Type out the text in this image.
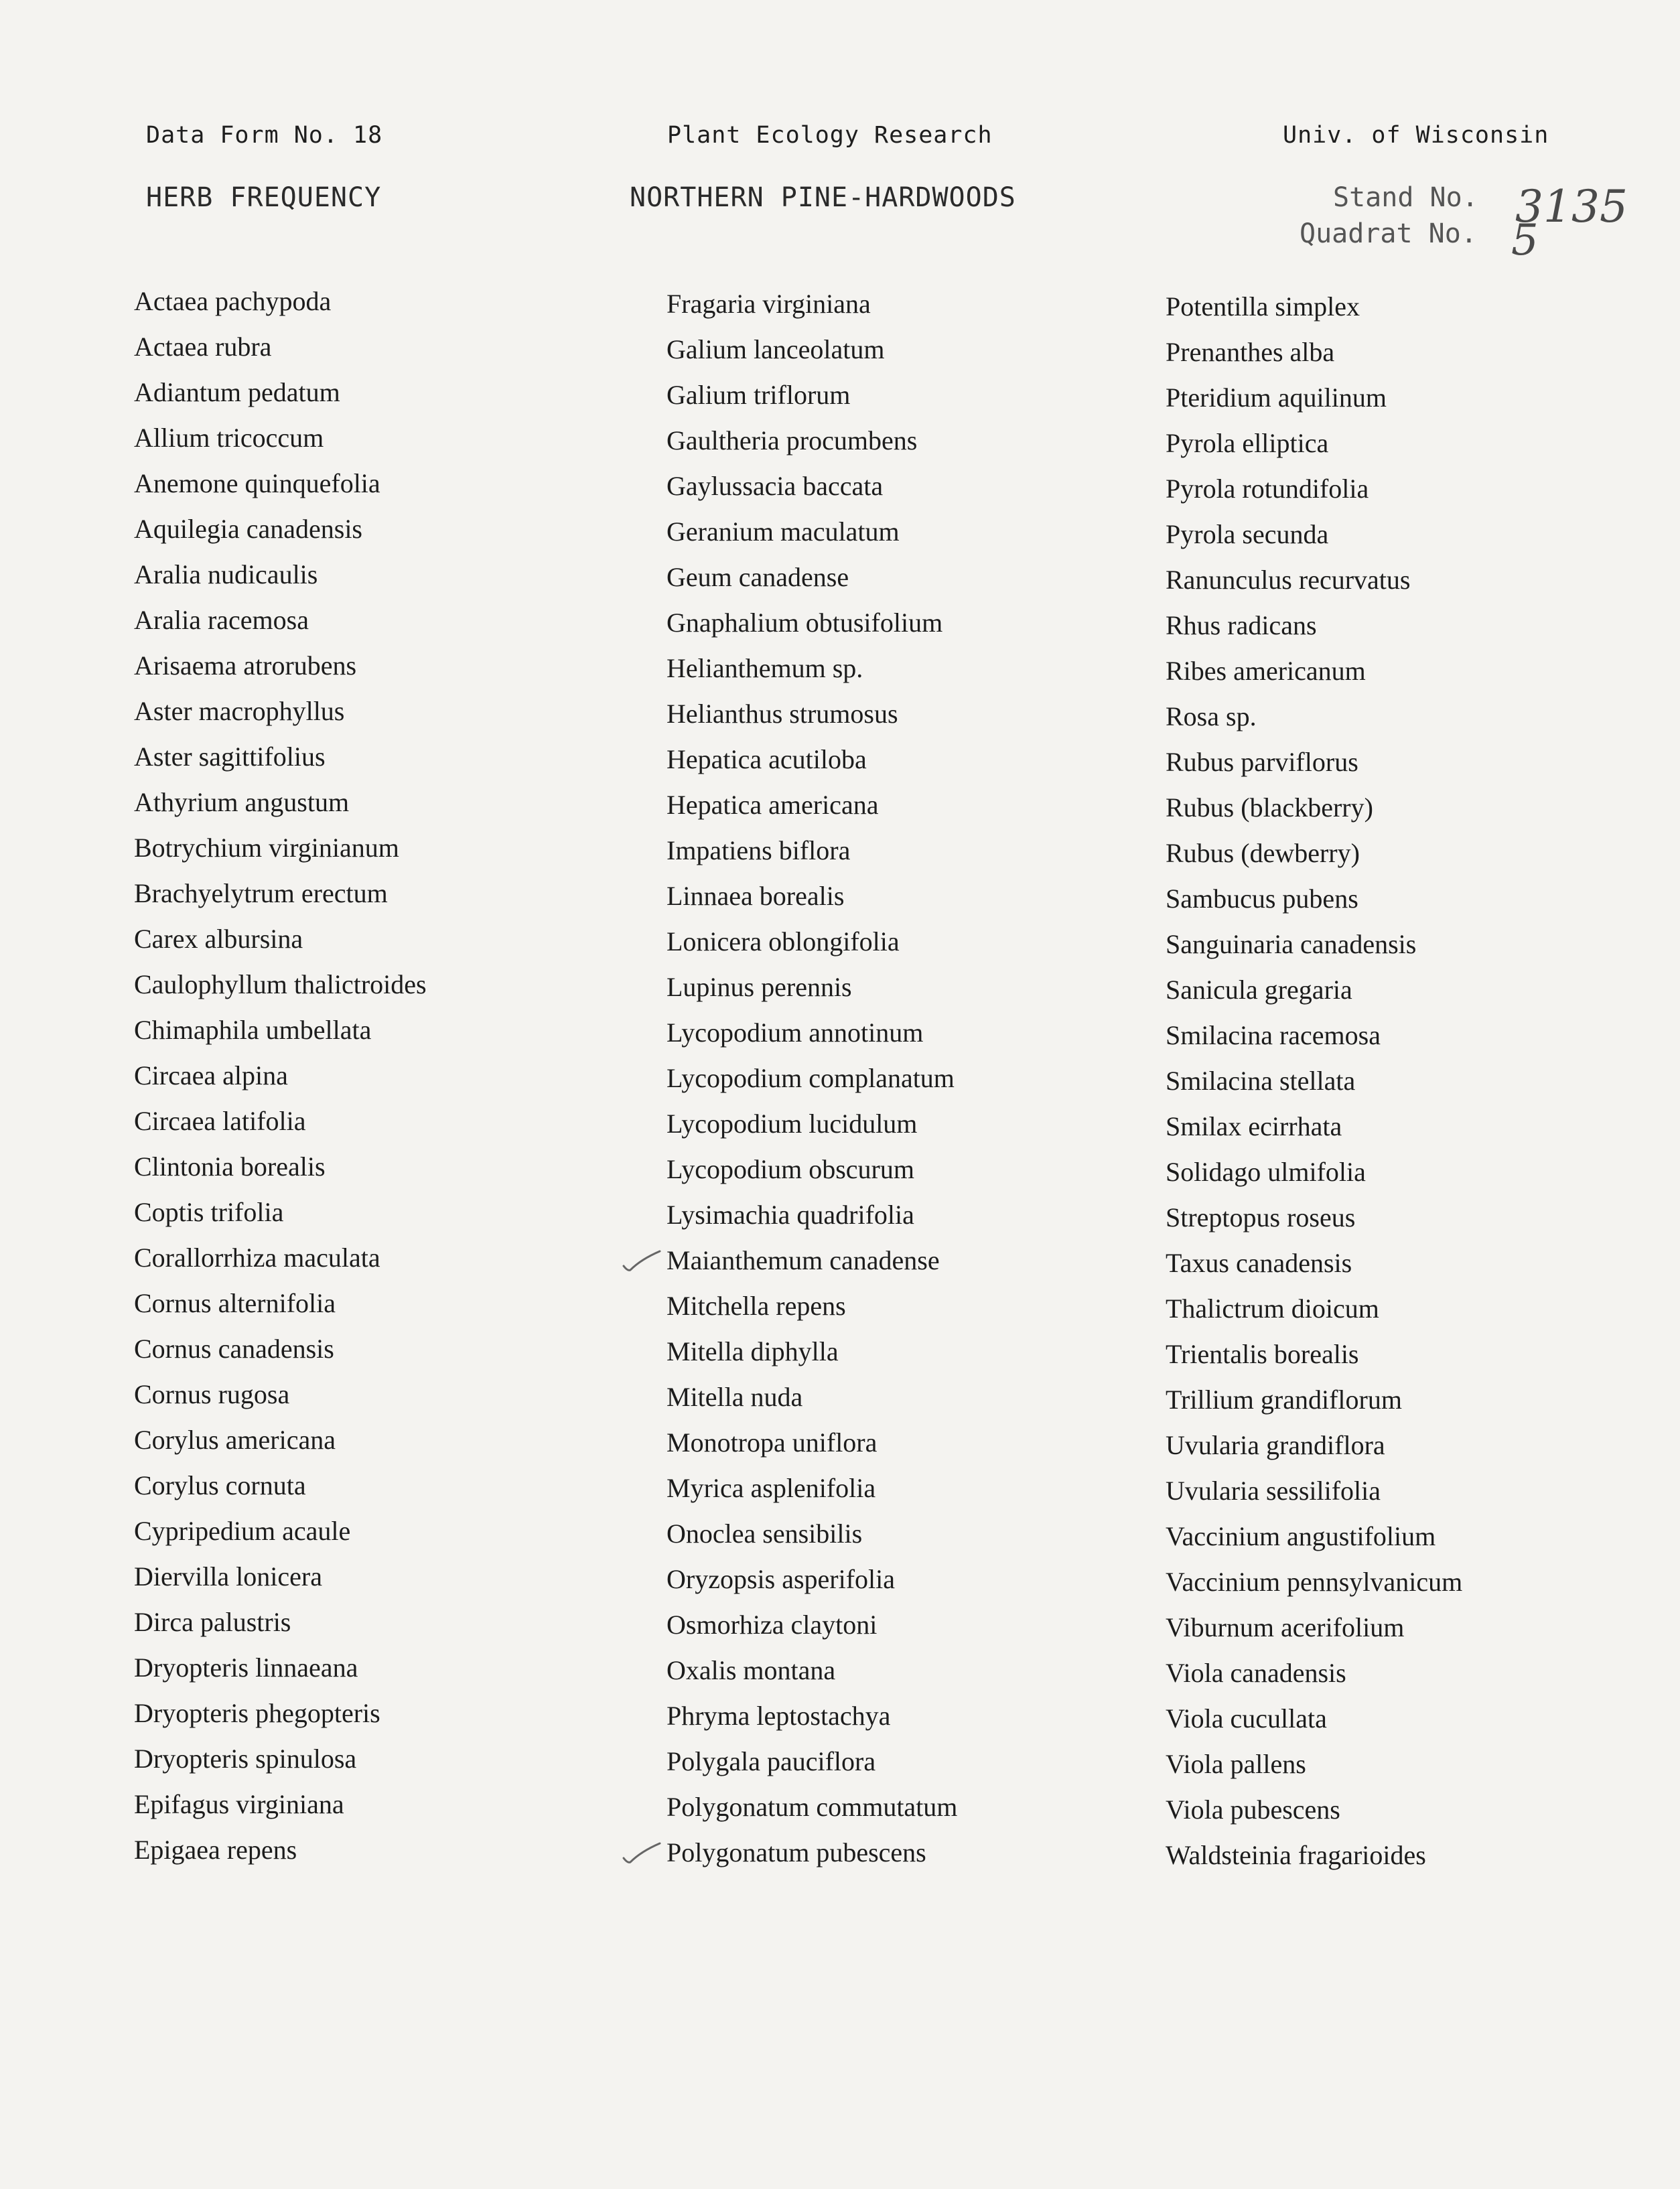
Data Form No. 18	Plant Ecology Research	Univ. of Wisconsin
HERB FREQUENCY	NORTHERN PINE-HARDWOODS	Stand No. 3135
Quadrat No. 5
Actaea pachypoda
Actaea rubra
Adiantum pedatum
Allium tricoccum
Anemone quinquefolia
Aquilegia canadensis
Aralia nudicaulis
Aralia racemosa
Arisaema atrorubens
Aster macrophyllus
Aster sagittifolius
Athyrium angustum
Botrychium virginianum
Brachyelytrum erectum
Carex albursina
Caulophyllum thalictroides
Chimaphila umbellata
Circaea alpina
Circaea latifolia
Clintonia borealis
Coptis trifolia
Corallorrhiza maculata
Cornus alternifolia
Cornus canadensis
Cornus rugosa
Corylus americana
Corylus cornuta
Cypripedium acaule
Diervilla lonicera
Dirca palustris
Dryopteris linnaeana
Dryopteris phegopteris
Dryopteris spinulosa
Epifagus virginiana
Epigaea repens
Fragaria virginiana
Galium lanceolatum
Galium triflorum
Gaultheria procumbens
Gaylussacia baccata
Geranium maculatum
Geum canadense
Gnaphalium obtusifolium
Helianthemum sp.
Helianthus strumosus
Hepatica acutiloba
Hepatica americana
Impatiens biflora
Linnaea borealis
Lonicera oblongifolia
Lupinus perennis
Lycopodium annotinum
Lycopodium complanatum
Lycopodium lucidulum
Lycopodium obscurum
Lysimachia quadrifolia
Maianthemum canadense
Mitchella repens
Mitella diphylla
Mitella nuda
Monotropa uniflora
Myrica asplenifolia
Onoclea sensibilis
Oryzopsis asperifolia
Osmorhiza claytoni
Oxalis montana
Phryma leptostachya
Polygala pauciflora
Polygonatum commutatum
Polygonatum pubescens
Potentilla simplex
Prenanthes alba
Pteridium aquilinum
Pyrola elliptica
Pyrola rotundifolia
Pyrola secunda
Ranunculus recurvatus
Rhus radicans
Ribes americanum
Rosa sp.
Rubus parviflorus
Rubus (blackberry)
Rubus (dewberry)
Sambucus pubens
Sanguinaria canadensis
Sanicula gregaria
Smilacina racemosa
Smilacina stellata
Smilax ecirrhata
Solidago ulmifolia
Streptopus roseus
Taxus canadensis
Thalictrum dioicum
Trientalis borealis
Trillium grandiflorum
Uvularia grandiflora
Uvularia sessilifolia
Vaccinium angustifolium
Vaccinium pennsylvanicum
Viburnum acerifolium
Viola canadensis
Viola cucullata
Viola pallens
Viola pubescens
Waldsteinia fragarioides
